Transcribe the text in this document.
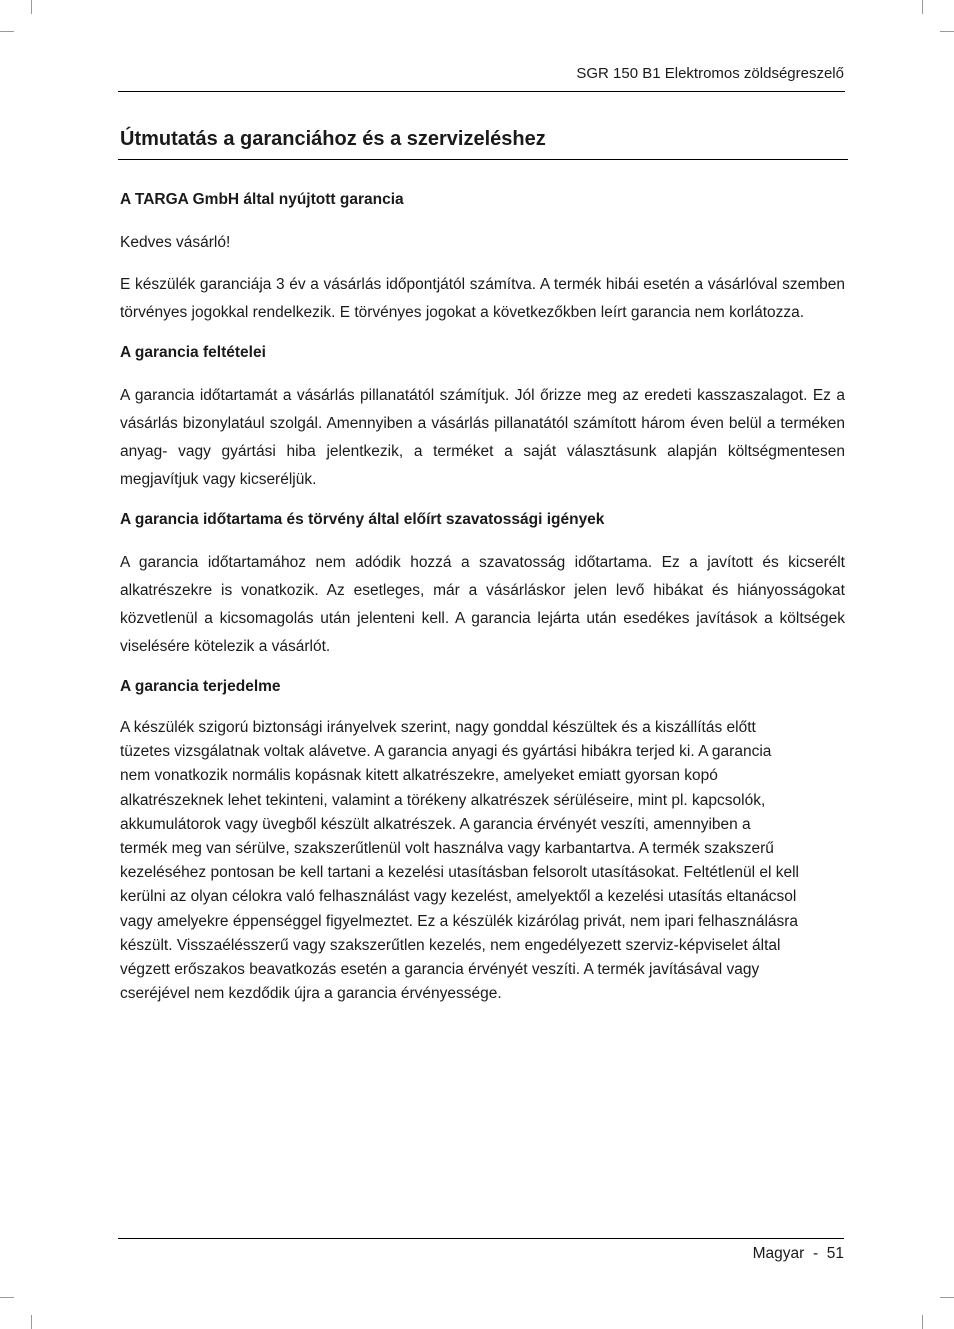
SGR 150 B1 Elektromos zöldségreszelő
Útmutatás a garanciához és a szervizeléshez
A TARGA GmbH által nyújtott garancia

Kedves vásárló!

E készülék garanciája 3 év a vásárlás időpontjától számítva. A termék hibái esetén a vásárlóval szemben törvényes jogokkal rendelkezik. E törvényes jogokat a következőkben leírt garancia nem korlátozza.

A garancia feltételei

A garancia időtartamát a vásárlás pillanatától számítjuk. Jól őrizze meg az eredeti kasszaszalagot. Ez a vásárlás bizonylatául szolgál. Amennyiben a vásárlás pillanatától számított három éven belül a terméken anyag- vagy gyártási hiba jelentkezik, a terméket a saját választásunk alapján költségmentesen megjavítjuk vagy kicseréljük.

A garancia időtartama és törvény által előírt szavatossági igények

A garancia időtartamához nem adódik hozzá a szavatosság időtartama. Ez a javított és kicserélt alkatrészekre is vonatkozik. Az esetleges, már a vásárláskor jelen levő hibákat és hiányosságokat közvetlenül a kicsomagolás után jelenteni kell. A garancia lejárta után esedékes javítások a költségek viselésére kötelezik a vásárlót.

A garancia terjedelme

A készülék szigorú biztonsági irányelvek szerint, nagy gonddal készültek és a kiszállítás előtt
tüzetes vizsgálatnak voltak alávetve. A garancia anyagi és gyártási hibákra terjed ki. A garancia
nem vonatkozik normális kopásnak kitett alkatrészekre, amelyeket emiatt gyorsan kopó
alkatrészeknek lehet tekinteni, valamint a törékeny alkatrészek sérüléseire, mint pl. kapcsolók,
akkumulátorok vagy üvegből készült alkatrészek. A garancia érvényét veszíti, amennyiben a
termék meg van sérülve, szakszerűtlenül volt használva vagy karbantartva. A termék szakszerű
kezeléséhez pontosan be kell tartani a kezelési utasításban felsorolt utasításokat. Feltétlenül el kell
kerülni az olyan célokra való felhasználást vagy kezelést, amelyektől a kezelési utasítás eltanácsol
vagy amelyekre éppenséggel figyelmeztet. Ez a készülék kizárólag privát, nem ipari felhasználásra
készült. Visszaélésszerű vagy szakszerűtlen kezelés, nem engedélyezett szerviz-képviselet által
végzett erőszakos beavatkozás esetén a garancia érvényét veszíti. A termék javításával vagy
cseréjével nem kezdődik újra a garancia érvényessége.

Magyar - 51
